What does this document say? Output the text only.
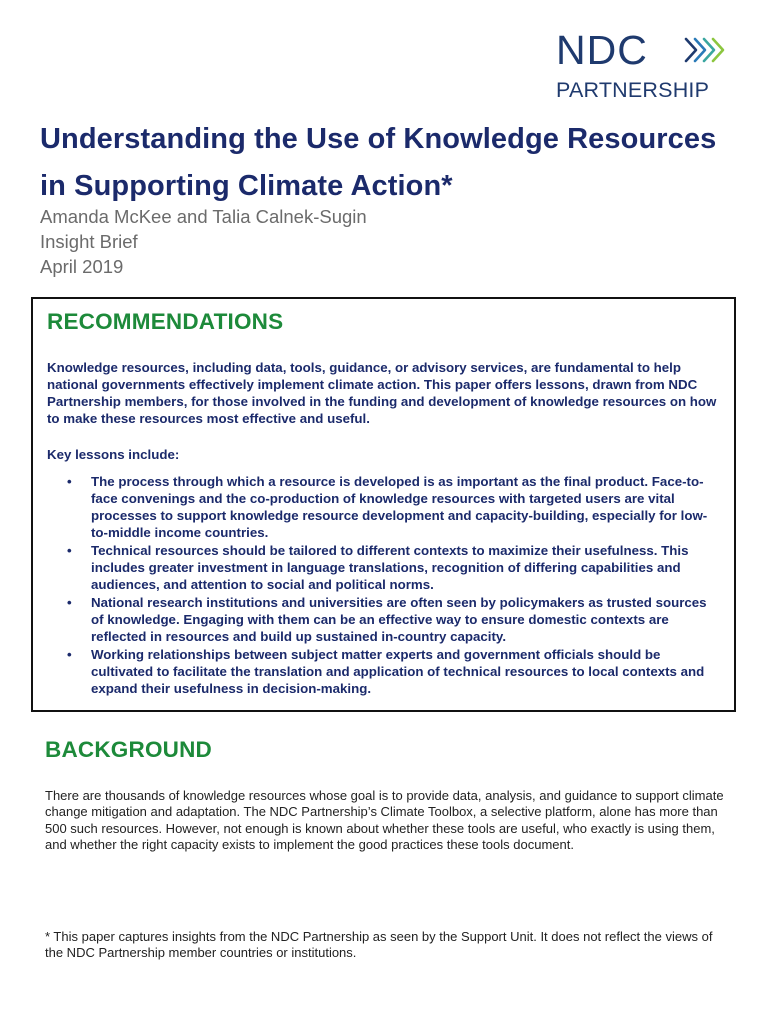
NDC
PARTNERSHIP
Understanding the Use of Knowledge Resources in Supporting Climate Action*
Amanda McKee and Talia Calnek-Sugin
Insight Brief
April 2019
RECOMMENDATIONS

Knowledge resources, including data, tools, guidance, or advisory services, are fundamental to help national governments effectively implement climate action. This paper offers lessons, drawn from NDC Partnership members, for those involved in the funding and development of knowledge resources on how to make these resources most effective and useful.

Key lessons include:

• The process through which a resource is developed is as important as the final product. Face-to-face convenings and the co-production of knowledge resources with targeted users are vital processes to support knowledge resource development and capacity-building, especially for low-to-middle income countries.
• Technical resources should be tailored to different contexts to maximize their usefulness. This includes greater investment in language translations, recognition of differing capabilities and audiences, and attention to social and political norms.
• National research institutions and universities are often seen by policymakers as trusted sources of knowledge. Engaging with them can be an effective way to ensure domestic contexts are reflected in resources and build up sustained in-country capacity.
• Working relationships between subject matter experts and government officials should be cultivated to facilitate the translation and application of technical resources to local contexts and expand their usefulness in decision-making.
BACKGROUND

There are thousands of knowledge resources whose goal is to provide data, analysis, and guidance to support climate change mitigation and adaptation. The NDC Partnership’s Climate Toolbox, a selective platform, alone has more than 500 such resources. However, not enough is known about whether these tools are useful, who exactly is using them, and whether the right capacity exists to implement the good practices these tools document.

* This paper captures insights from the NDC Partnership as seen by the Support Unit. It does not reflect the views of the NDC Partnership member countries or institutions.
